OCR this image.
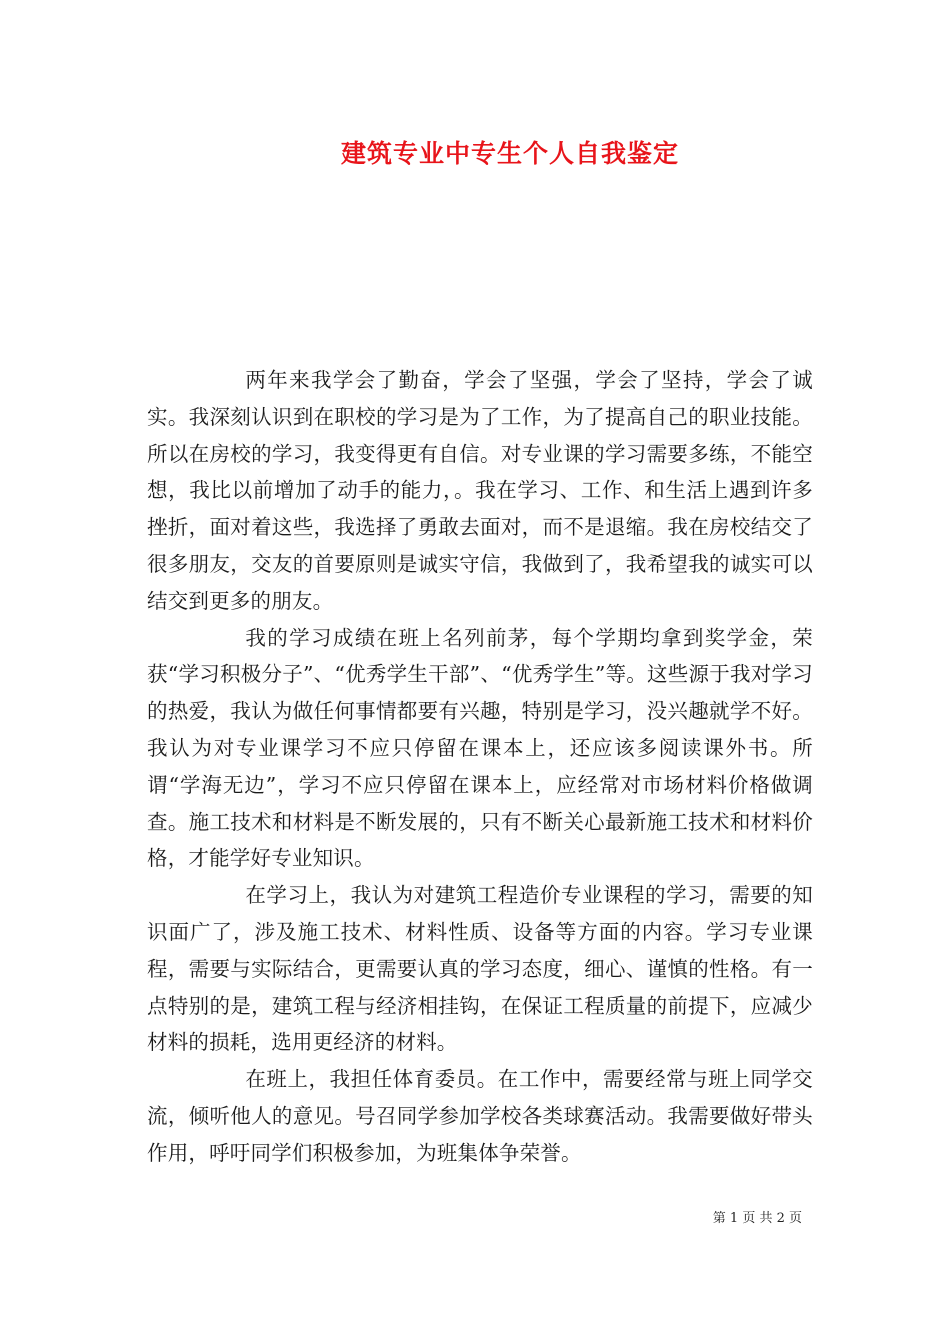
建筑专业中专生个人自我鉴定

两年来我学会了勤奋，学会了坚强，学会了坚持，学会了诚实。我深刻认识到在职校的学习是为了工作，为了提高自己的职业技能。所以在房校的学习，我变得更有自信。对专业课的学习需要多练，不能空想，我比以前增加了动手的能力，。我在学习、工作、和生活上遇到许多挫折，面对着这些，我选择了勇敢去面对，而不是退缩。我在房校结交了很多朋友，交友的首要原则是诚实守信，我做到了，我希望我的诚实可以结交到更多的朋友。

我的学习成绩在班上名列前茅，每个学期均拿到奖学金，荣获“学习积极分子”、“优秀学生干部”、“优秀学生”等。这些源于我对学习的热爱，我认为做任何事情都要有兴趣，特别是学习，没兴趣就学不好。我认为对专业课学习不应只停留在课本上，还应该多阅读课外书。所谓“学海无边”，学习不应只停留在课本上，应经常对市场材料价格做调查。施工技术和材料是不断发展的，只有不断关心最新施工技术和材料价格，才能学好专业知识。

在学习上，我认为对建筑工程造价专业课程的学习，需要的知识面广了，涉及施工技术、材料性质、设备等方面的内容。学习专业课程，需要与实际结合，更需要认真的学习态度，细心、谨慎的性格。有一点特别的是，建筑工程与经济相挂钩，在保证工程质量的前提下，应减少材料的损耗，选用更经济的材料。

在班上，我担任体育委员。在工作中，需要经常与班上同学交流，倾听他人的意见。号召同学参加学校各类球赛活动。我需要做好带头作用，呼吁同学们积极参加，为班集体争荣誉。

第 1 页 共 2 页
